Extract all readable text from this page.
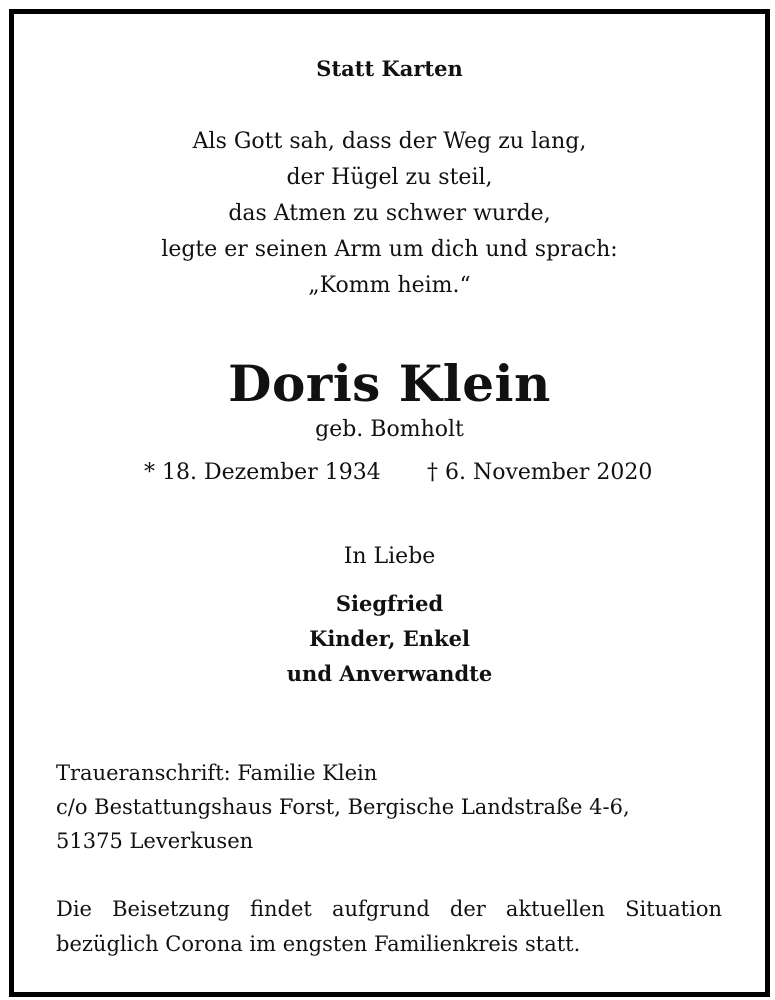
Statt Karten
Als Gott sah, dass der Weg zu lang,
der Hügel zu steil,
das Atmen zu schwer wurde,
legte er seinen Arm um dich und sprach:
„Komm heim.“
Doris Klein
geb. Bomholt
* 18. Dezember 1934 † 6. November 2020
In Liebe
Siegfried
Kinder, Enkel
und Anverwandte
Traueranschrift: Familie Klein
c/o Bestattungshaus Forst, Bergische Landstraße 4-6,
51375 Leverkusen
Die Beisetzung findet aufgrund der aktuellen Situation bezüglich Corona im engsten Familienkreis statt.
